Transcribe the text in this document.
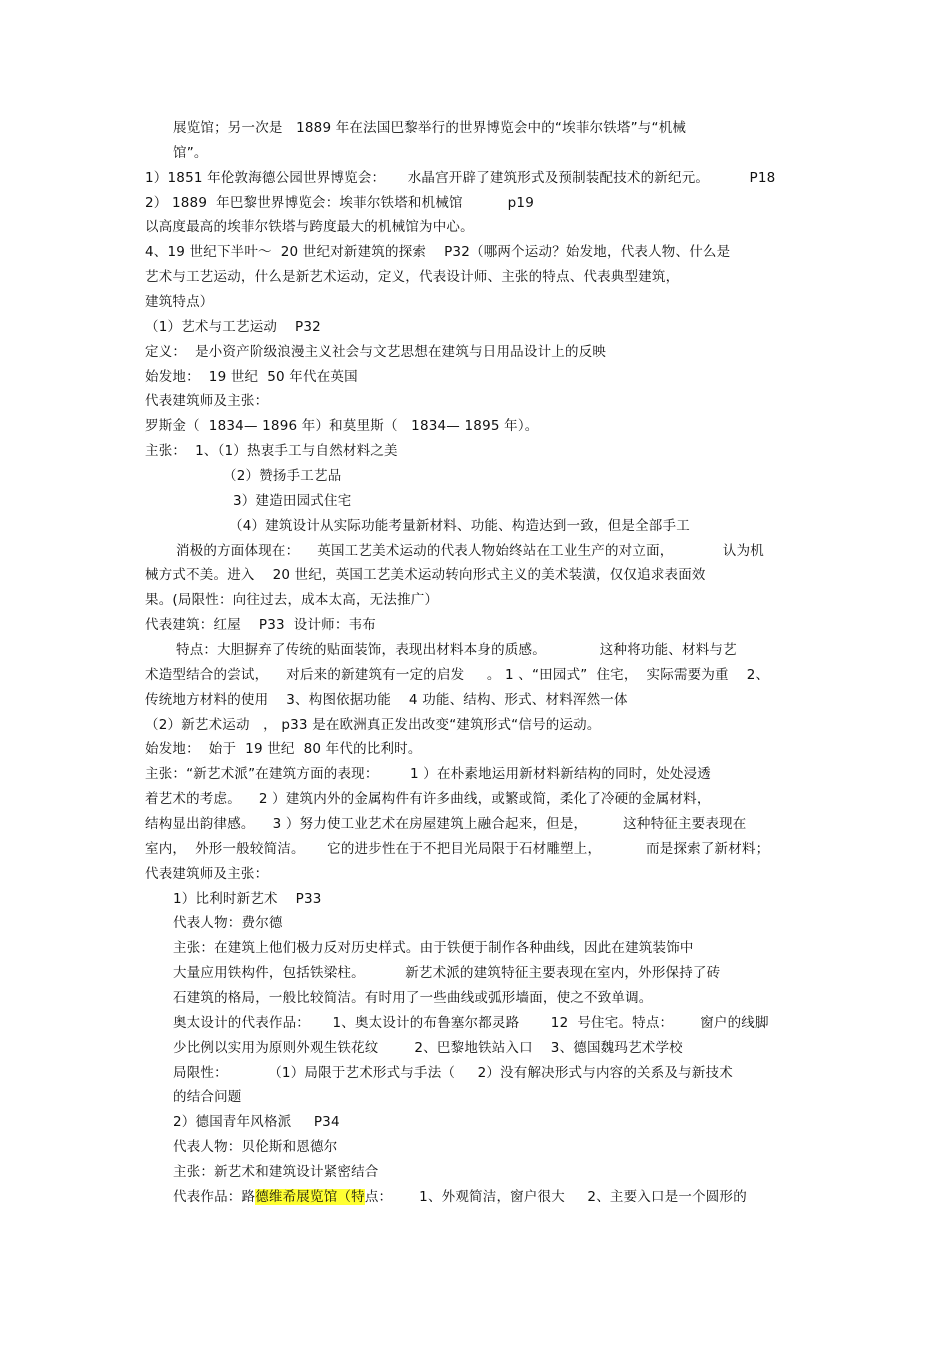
展览馆；另一次是   1889 年在法国巴黎举行的世界博览会中的“埃菲尔铁塔”与“机械

馆”。

1）1851 年伦敦海德公园世界博览会：     水晶宫开辟了建筑形式及预制装配技术的新纪元。         P18

2） 1889  年巴黎世界博览会：埃菲尔铁塔和机械馆          p19

以高度最高的埃菲尔铁塔与跨度最大的机械馆为中心。

4、19 世纪下半叶～  20 世纪对新建筑的探索    P32（哪两个运动？始发地，代表人物、什么是

艺术与工艺运动，什么是新艺术运动，定义，代表设计师、主张的特点、代表典型建筑，

建筑特点）

（1）艺术与工艺运动    P32

定义：  是小资产阶级浪漫主义社会与文艺思想在建筑与日用品设计上的反映

始发地：  19 世纪  50 年代在英国

代表建筑师及主张：

罗斯金（  1834— 1896 年）和莫里斯（   1834— 1895 年）。

主张：  1、（1）热衷手工与自然材料之美

（2）赞扬手工艺品

3）建造田园式住宅

（4）建筑设计从实际功能考量新材料、功能、构造达到一致，但是全部手工

消极的方面体现在：    英国工艺美术运动的代表人物始终站在工业生产的对立面，           认为机

械方式不美。进入    20 世纪，英国工艺美术运动转向形式主义的美术装潢，仅仅追求表面效

果。(局限性：向往过去，成本太高，无法推广）

代表建筑：红屋    P33  设计师：韦布

特点：大胆摒弃了传统的贴面装饰，表现出材料本身的质感。            这种将功能、材料与艺

术造型结合的尝试，    对后来的新建筑有一定的启发     。 1 、“田园式”  住宅，  实际需要为重    2、

传统地方材料的使用    3、构图依据功能    4 功能、结构、形式、材料浑然一体

（2）新艺术运动   ， p33 是在欧洲真正发出改变“建筑形式“信号的运动。

始发地：  始于  19 世纪  80 年代的比利时。

主张：“新艺术派”在建筑方面的表现：       1 ）在朴素地运用新材料新结构的同时，处处浸透

着艺术的考虑。    2 ）建筑内外的金属构件有许多曲线，或繁或简，柔化了冷硬的金属材料，

结构显出韵律感。    3 ）努力使工业艺术在房屋建筑上融合起来，但是，        这种特征主要表现在

室内，  外形一般较简洁。     它的进步性在于不把目光局限于石材雕塑上，          而是探索了新材料；

代表建筑师及主张：

1）比利时新艺术    P33

代表人物：费尔德

主张：在建筑上他们极力反对历史样式。由于铁便于制作各种曲线，因此在建筑装饰中

大量应用铁构件，包括铁梁柱。         新艺术派的建筑特征主要表现在室内，外形保持了砖

石建筑的格局，一般比较简洁。有时用了一些曲线或弧形墙面，使之不致单调。

奥太设计的代表作品：     1、奥太设计的布鲁塞尔都灵路       12  号住宅。特点：      窗户的线脚

少比例以实用为原则外观生铁花纹        2、巴黎地铁站入口    3、德国魏玛艺术学校

局限性：         （1）局限于艺术形式与手法（     2）没有解决形式与内容的关系及与新技术

的结合问题

2）德国青年风格派     P34

代表人物：贝伦斯和恩德尔

主张：新艺术和建筑设计紧密结合

代表作品：路德维希展览馆（特点：      1、外观简洁，窗户很大     2、主要入口是一个圆形的
